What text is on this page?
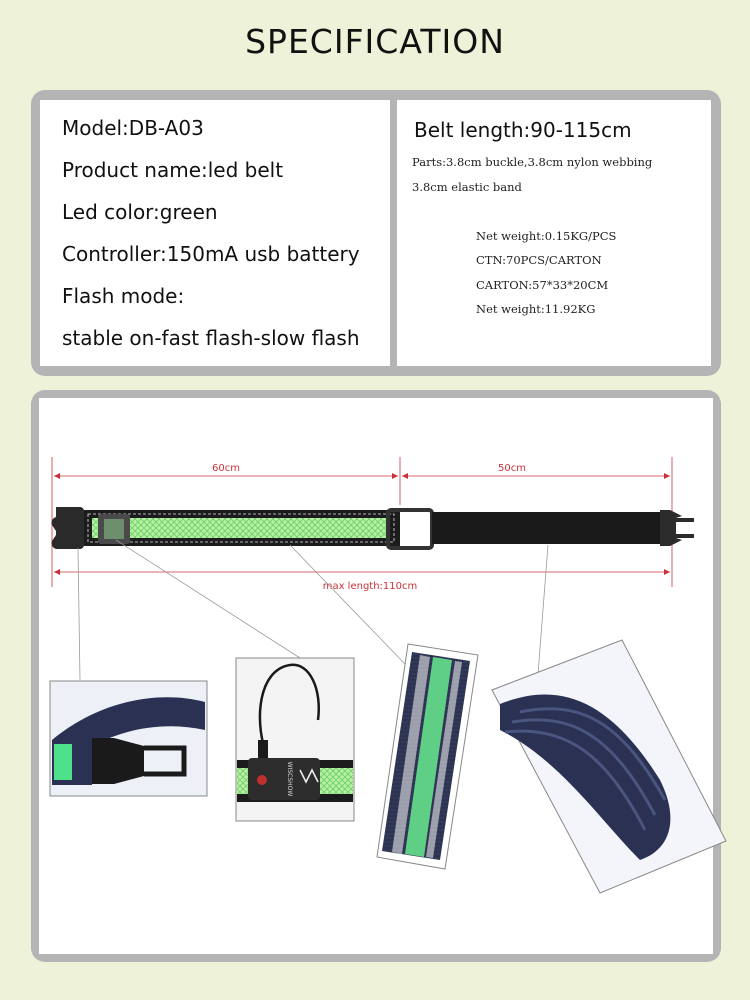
SPECIFICATION
Model:DB-A03
Product name:led belt
Led color:green
Controller:150mA usb battery
Flash mode:
stable on-fast flash-slow flash
Belt length:90-115cm
Parts:3.8cm buckle,3.8cm nylon webbing
3.8cm elastic band
Net weight:0.15KG/PCS
CTN:70PCS/CARTON
CARTON:57*33*20CM
Net weight:11.92KG
60cm	50cm
max length:110cm
WISCSHOW
